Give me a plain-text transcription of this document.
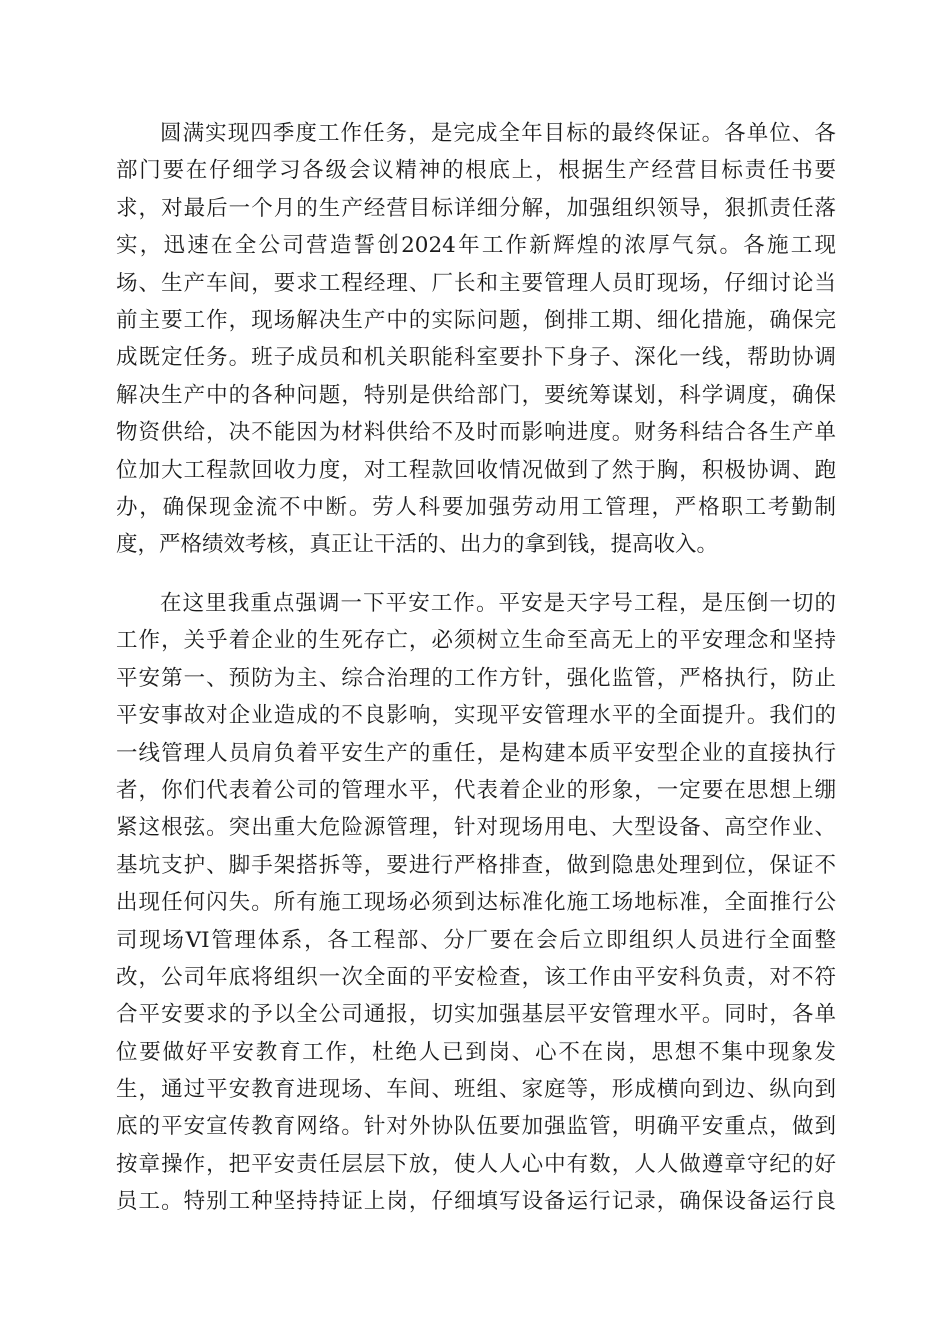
圆满实现四季度工作任务，是完成全年目标的最终保证。各单位、各
部门要在仔细学习各级会议精神的根底上，根据生产经营目标责任书要
求，对最后一个月的生产经营目标详细分解，加强组织领导，狠抓责任落
实，迅速在全公司营造誓创2024年工作新辉煌的浓厚气氛。各施工现
场、生产车间，要求工程经理、厂长和主要管理人员盯现场，仔细讨论当
前主要工作，现场解决生产中的实际问题，倒排工期、细化措施，确保完
成既定任务。班子成员和机关职能科室要扑下身子、深化一线，帮助协调
解决生产中的各种问题，特别是供给部门，要统筹谋划，科学调度，确保
物资供给，决不能因为材料供给不及时而影响进度。财务科结合各生产单
位加大工程款回收力度，对工程款回收情况做到了然于胸，积极协调、跑
办，确保现金流不中断。劳人科要加强劳动用工管理，严格职工考勤制
度，严格绩效考核，真正让干活的、出力的拿到钱，提高收入。
在这里我重点强调一下平安工作。平安是天字号工程，是压倒一切的
工作，关乎着企业的生死存亡，必须树立生命至高无上的平安理念和坚持
平安第一、预防为主、综合治理的工作方针，强化监管，严格执行，防止
平安事故对企业造成的不良影响，实现平安管理水平的全面提升。我们的
一线管理人员肩负着平安生产的重任，是构建本质平安型企业的直接执行
者，你们代表着公司的管理水平，代表着企业的形象，一定要在思想上绷
紧这根弦。突出重大危险源管理，针对现场用电、大型设备、高空作业、
基坑支护、脚手架搭拆等，要进行严格排查，做到隐患处理到位，保证不
出现任何闪失。所有施工现场必须到达标准化施工场地标准，全面推行公
司现场VI管理体系，各工程部、分厂要在会后立即组织人员进行全面整
改，公司年底将组织一次全面的平安检查，该工作由平安科负责，对不符
合平安要求的予以全公司通报，切实加强基层平安管理水平。同时，各单
位要做好平安教育工作，杜绝人已到岗、心不在岗，思想不集中现象发
生，通过平安教育进现场、车间、班组、家庭等，形成横向到边、纵向到
底的平安宣传教育网络。针对外协队伍要加强监管，明确平安重点，做到
按章操作，把平安责任层层下放，使人人心中有数，人人做遵章守纪的好
员工。特别工种坚持持证上岗，仔细填写设备运行记录，确保设备运行良
